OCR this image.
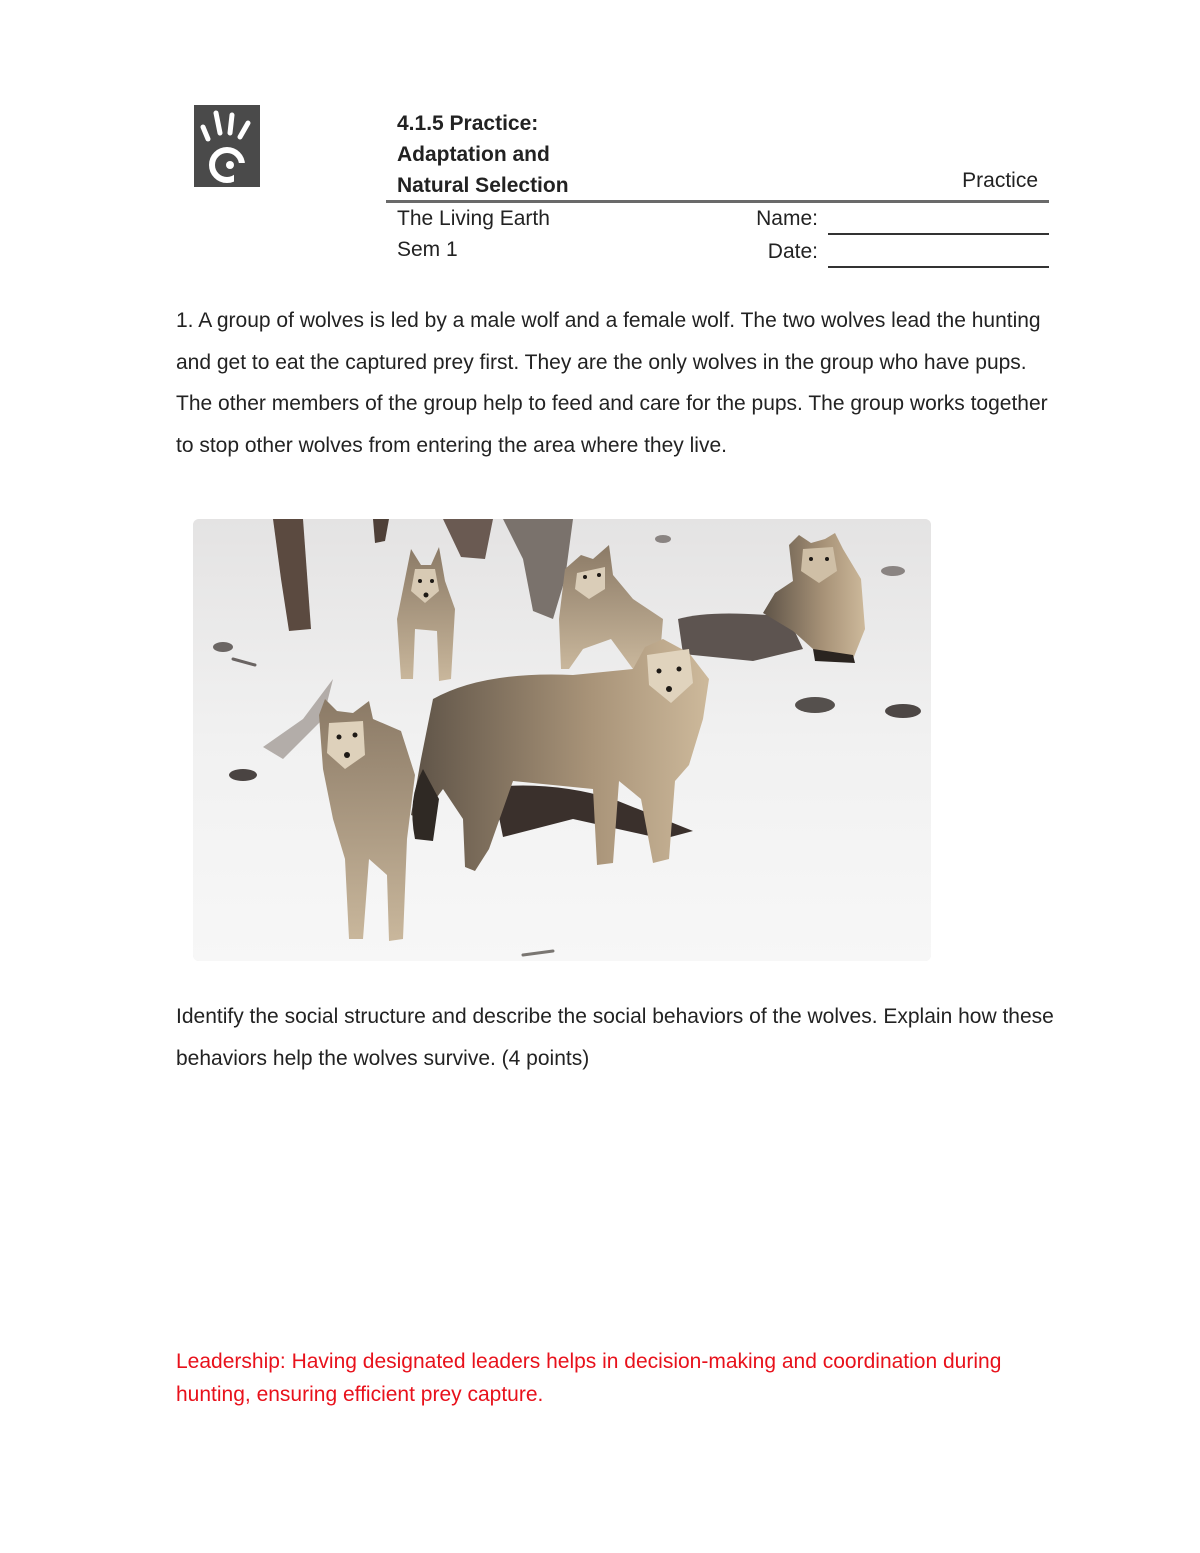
4.1.5 Practice:
Adaptation and
Natural Selection	Practice
The Living Earth
Sem 1
Name:
Date:
1. A group of wolves is led by a male wolf and a female wolf. The two wolves lead the hunting and get to eat the captured prey first. They are the only wolves in the group who have pups. The other members of the group help to feed and care for the pups. The group works together to stop other wolves from entering the area where they live.
Identify the social structure and describe the social behaviors of the wolves. Explain how these behaviors help the wolves survive. (4 points)
Leadership: Having designated leaders helps in decision-making and coordination during hunting, ensuring efficient prey capture.
